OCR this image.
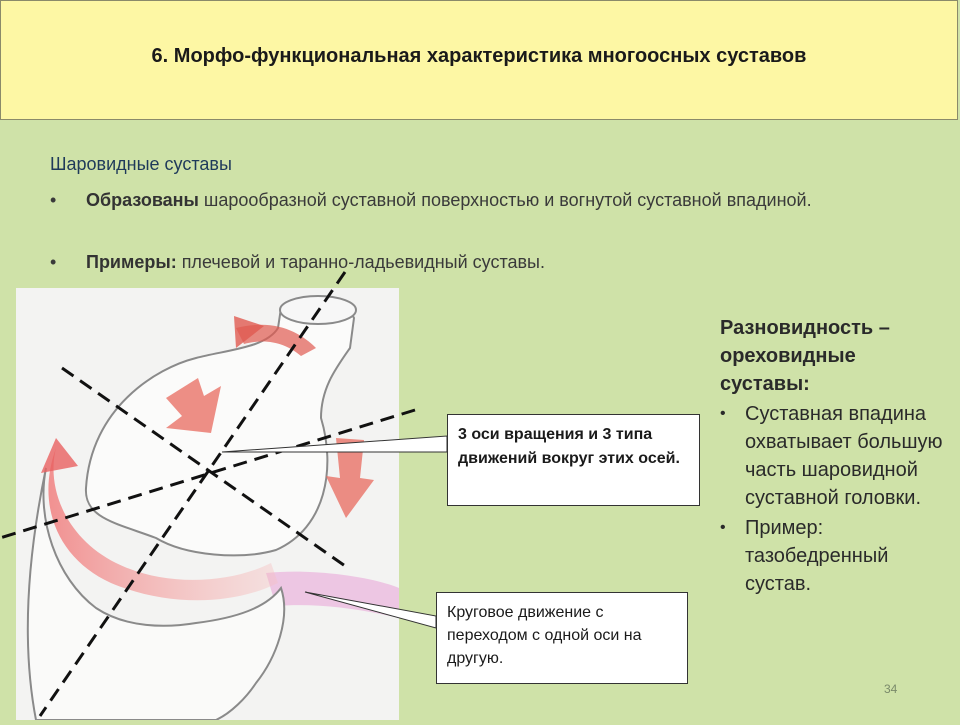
6. Морфо-функциональная характеристика многоосных суставов
Шаровидные суставы
• Образованы шарообразной суставной поверхностью и вогнутой суставной впадиной.
• Примеры: плечевой и таранно-ладьевидный суставы.
3 оси вращения и 3 типа движений вокруг этих осей.
Круговое движение с переходом с одной оси на другую.
Разновидность – ореховидные суставы:
• Суставная впадина охватывает большую часть шаровидной суставной головки.
• Пример: тазобедренный сустав.
34
